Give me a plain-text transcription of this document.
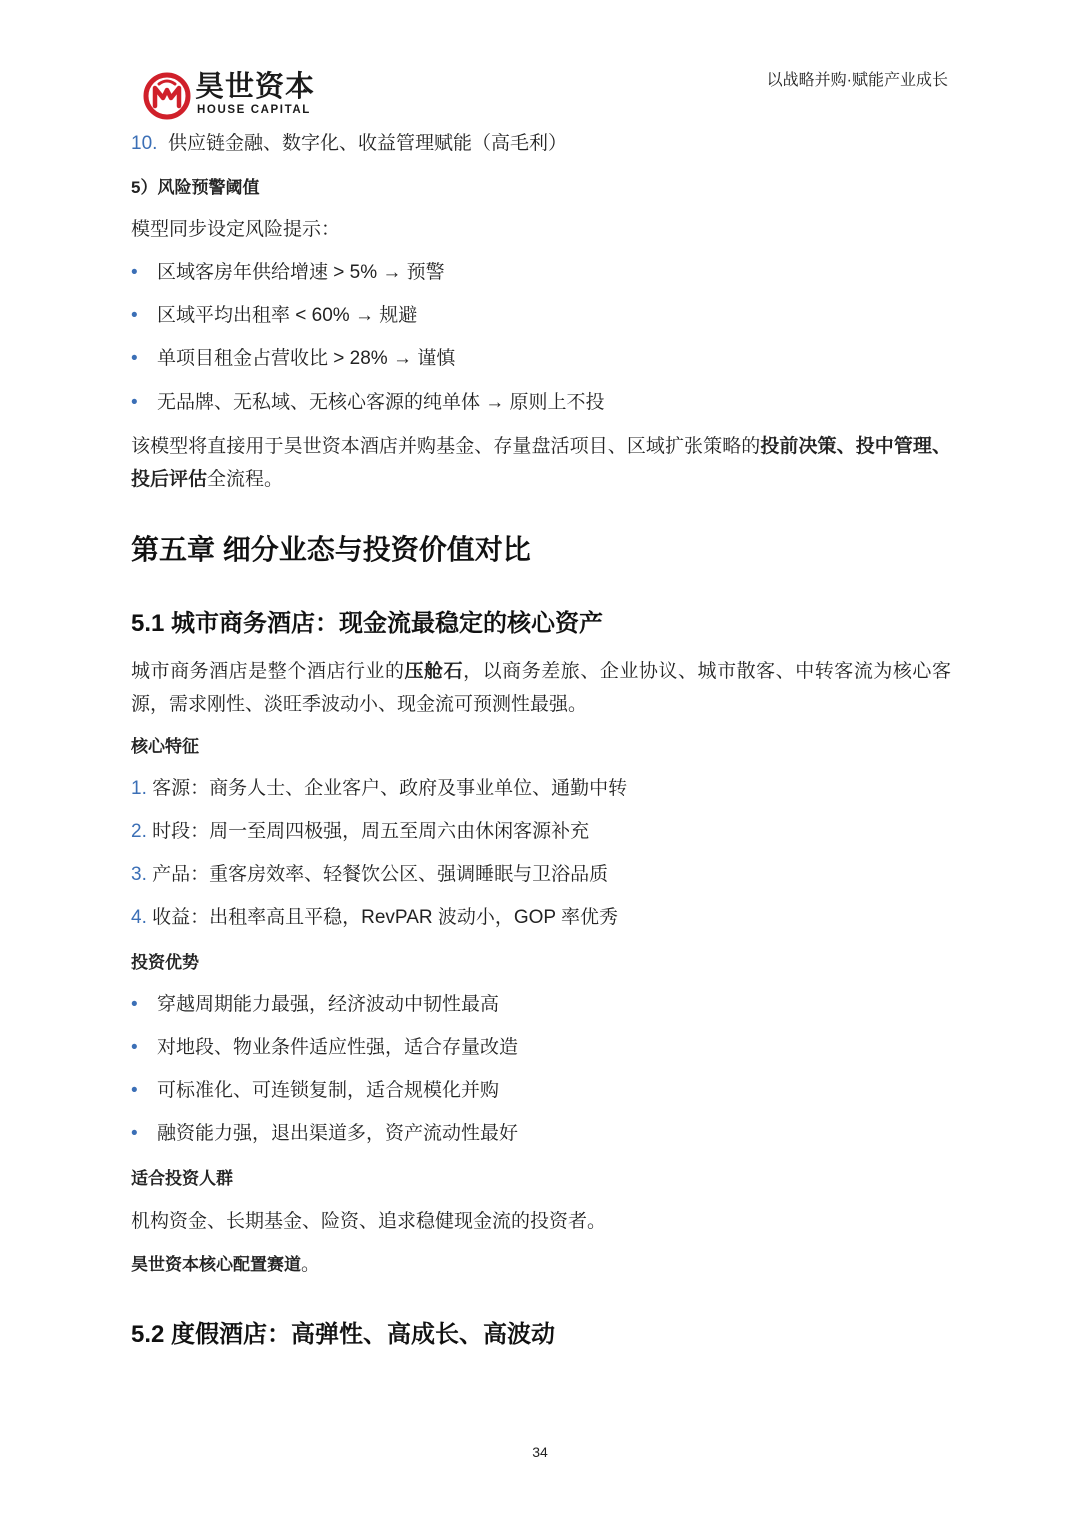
昊世资本
HOUSE CAPITAL
以战略并购·赋能产业成长
10. 供应链金融、数字化、收益管理赋能（高毛利）
5）风险预警阈值
模型同步设定风险提示：
• 区域客房年供给增速 > 5% → 预警
• 区域平均出租率 < 60% → 规避
• 单项目租金占营收比 > 28% → 谨慎
• 无品牌、无私域、无核心客源的纯单体 → 原则上不投
该模型将直接用于昊世资本酒店并购基金、存量盘活项目、区域扩张策略的投前决策、投中管理、投后评估全流程。
第五章 细分业态与投资价值对比
5.1 城市商务酒店：现金流最稳定的核心资产
城市商务酒店是整个酒店行业的压舱石，以商务差旅、企业协议、城市散客、中转客流为核心客源，需求刚性、淡旺季波动小、现金流可预测性最强。
核心特征
1. 客源：商务人士、企业客户、政府及事业单位、通勤中转
2. 时段：周一至周四极强，周五至周六由休闲客源补充
3. 产品：重客房效率、轻餐饮公区、强调睡眠与卫浴品质
4. 收益：出租率高且平稳，RevPAR 波动小，GOP 率优秀
投资优势
• 穿越周期能力最强，经济波动中韧性最高
• 对地段、物业条件适应性强，适合存量改造
• 可标准化、可连锁复制，适合规模化并购
• 融资能力强，退出渠道多，资产流动性最好
适合投资人群
机构资金、长期基金、险资、追求稳健现金流的投资者。
昊世资本核心配置赛道。
5.2 度假酒店：高弹性、高成长、高波动
34
